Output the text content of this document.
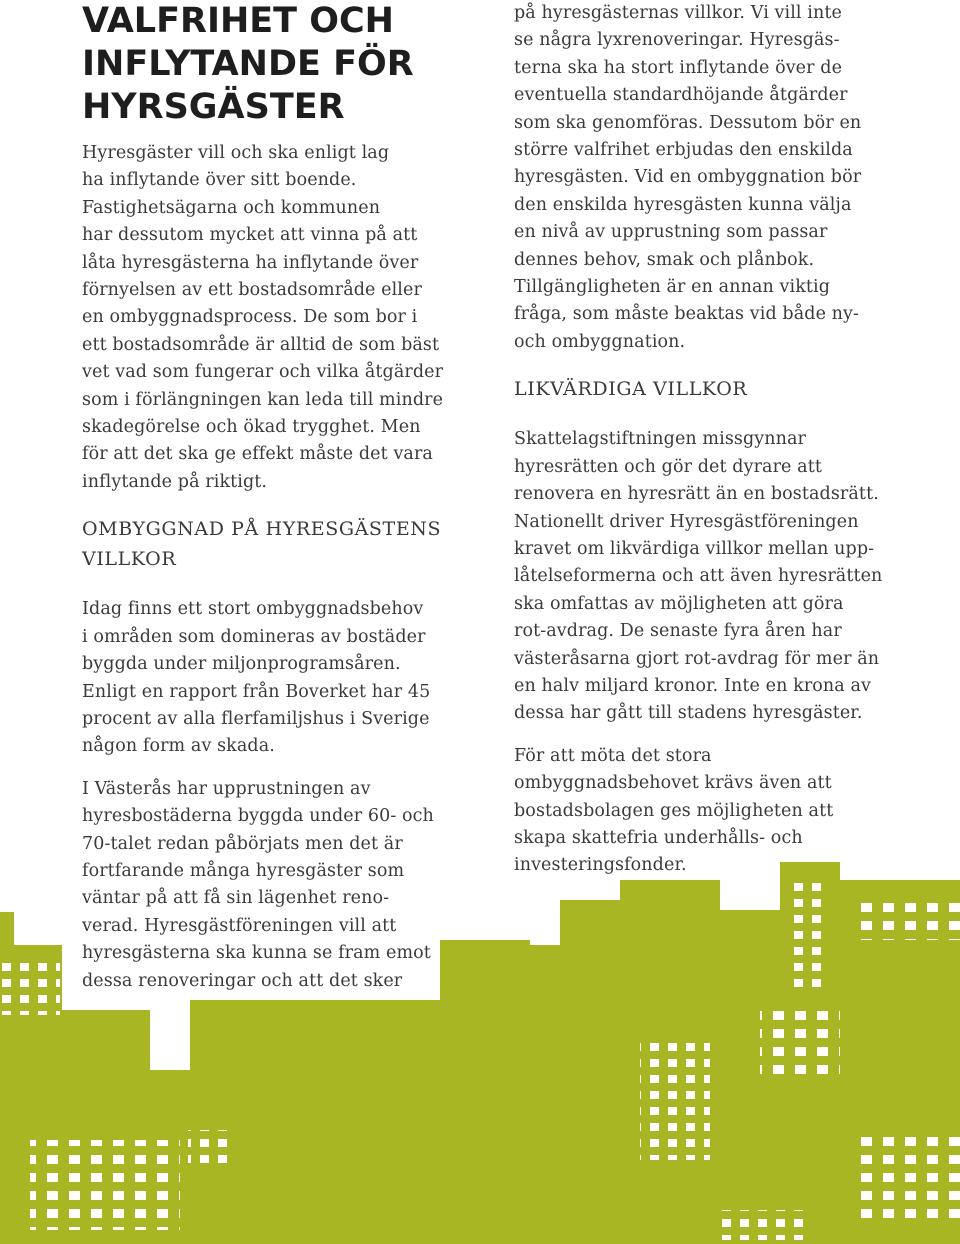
VALFRIHET OCH
INFLYTANDE FÖR
HYRSGÄSTER
Hyresgäster vill och ska enligt lag
ha inflytande över sitt boende.
Fastighetsägarna och kommunen
har dessutom mycket att vinna på att
låta hyresgästerna ha inflytande över
förnyelsen av ett bostadsområde eller
en ombyggnadsprocess. De som bor i
ett bostadsområde är alltid de som bäst
vet vad som fungerar och vilka åtgärder
som i förlängningen kan leda till mindre
skadegörelse och ökad trygghet. Men
för att det ska ge effekt måste det vara
inflytande på riktigt.
OMBYGGNAD PÅ HYRESGÄSTENS
VILLKOR
Idag finns ett stort ombyggnadsbehov
i områden som domineras av bostäder
byggda under miljonprogramsåren.
Enligt en rapport från Boverket har 45
procent av alla flerfamiljshus i Sverige
någon form av skada.
I Västerås har upprustningen av
hyresbostäderna byggda under 60- och
70-talet redan påbörjats men det är
fortfarande många hyresgäster som
väntar på att få sin lägenhet reno-
verad. Hyresgästföreningen vill att
hyresgästerna ska kunna se fram emot
dessa renoveringar och att det sker
på hyresgästernas villkor. Vi vill inte
se några lyxrenoveringar. Hyresgäs-
terna ska ha stort inflytande över de
eventuella standardhöjande åtgärder
som ska genomföras. Dessutom bör en
större valfrihet erbjudas den enskilda
hyresgästen. Vid en ombyggnation bör
den enskilda hyresgästen kunna välja
en nivå av upprustning som passar
dennes behov, smak och plånbok.
Tillgängligheten är en annan viktig
fråga, som måste beaktas vid både ny-
och ombyggnation.
LIKVÄRDIGA VILLKOR
Skattelagstiftningen missgynnar
hyresrätten och gör det dyrare att
renovera en hyresrätt än en bostadsrätt.
Nationellt driver Hyresgästföreningen
kravet om likvärdiga villkor mellan upp-
låtelseformerna och att även hyresrätten
ska omfattas av möjligheten att göra
rot-avdrag. De senaste fyra åren har
västeråsarna gjort rot-avdrag för mer än
en halv miljard kronor. Inte en krona av
dessa har gått till stadens hyresgäster.
För att möta det stora
ombyggnadsbehovet krävs även att
bostadsbolagen ges möjligheten att
skapa skattefria underhålls- och
investeringsfonder.
